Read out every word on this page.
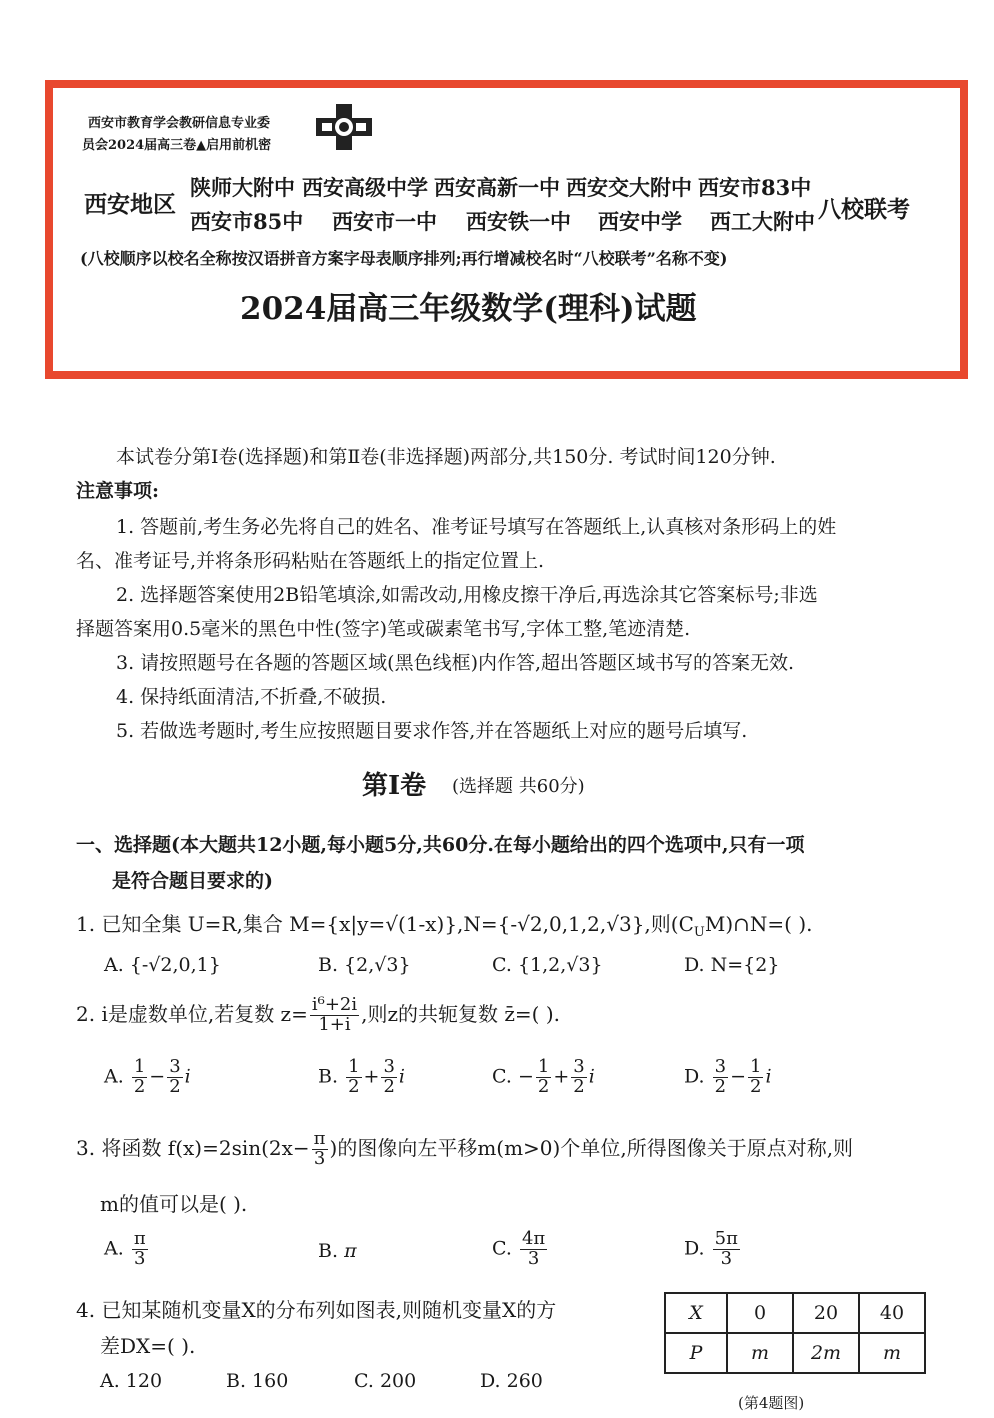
西安市教育学会教研信息专业委
员会2024届高三卷▲启用前机密
西安地区
陕师大附中 西安高级中学 西安高新一中 西安交大附中 西安市83中
西安市85中 西安市一中 西安铁一中 西安中学 西工大附中 八校联考
(八校顺序以校名全称按汉语拼音方案字母表顺序排列;再行增减校名时“八校联考”名称不变)
2024届高三年级数学(理科)试题
本试卷分第Ⅰ卷(选择题)和第Ⅱ卷(非选择题)两部分,共150分. 考试时间120分钟.
注意事项:
1. 答题前,考生务必先将自己的姓名、准考证号填写在答题纸上,认真核对条形码上的姓
名、准考证号,并将条形码粘贴在答题纸上的指定位置上.
2. 选择题答案使用2B铅笔填涂,如需改动,用橡皮擦干净后,再选涂其它答案标号;非选
择题答案用0.5毫米的黑色中性(签字)笔或碳素笔书写,字体工整,笔迹清楚.
3. 请按照题号在各题的答题区域(黑色线框)内作答,超出答题区域书写的答案无效.
4. 保持纸面清洁,不折叠,不破损.
5. 若做选考题时,考生应按照题目要求作答,并在答题纸上对应的题号后填写.
第Ⅰ卷 (选择题 共60分)
一、选择题(本大题共12小题,每小题5分,共60分.在每小题给出的四个选项中,只有一项
是符合题目要求的)
1. 已知全集 U=R,集合 M={x|y=√(1-x)},N={-√2,0,1,2,√3},则$(C_UM)\cap N=$( ).
A. {-√2,0,1}	B. {2,√3}	C. {1,2,√3}	D. N={2}
2. i是虚数单位,若复数 $z= \frac{\text{i⁶+2i}}{1+i}$ ,则z的共轭复数 z̄=( ).
A. $\frac{1}{2} - \frac{3}{2}$ i	B. $\frac{1}{2} + \frac{3}{2}$ i	C. − $\frac{1}{2} + \frac{3}{2}$ i	D. $\frac{3}{2} - \frac{1}{2}$ i
3. 将函数 $f(x)=2\sin(2x- \frac{\pi}{3}$ )的图像向左平移m(m>0)个单位,所得图像关于原点对称,则
m的值可以是( ).
A. $\frac{\pi}{3}$	B. π	C. $\frac{4\pi}{3}$	D. $\frac{5\pi}{3}$
4. 已知某随机变量X的分布列如图表,则随机变量X的方
差DX=( ).
A. 120	B. 160	C. 200	D. 260
X	0	20	40
P	m	2m	m
(第4题图)
